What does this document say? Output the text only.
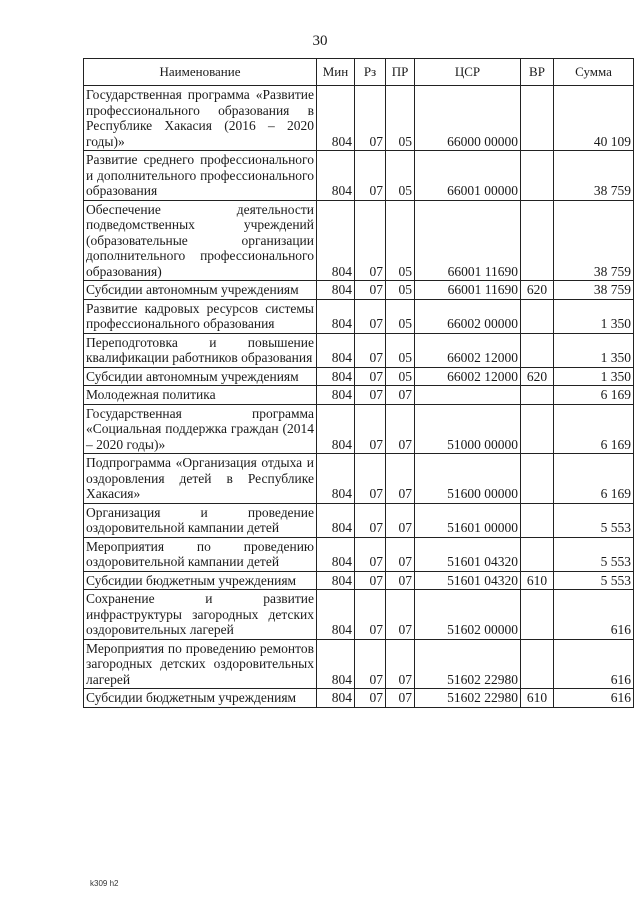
30
Наименование	Мин	Рз	ПР	ЦСР	ВР	Сумма
Государственная программа «Развитие профессионального образования в Республике Хакасия (2016 – 2020 годы)»	804	07	05	66000 00000		40 109
Развитие среднего профессионального и дополнительного профессионального образования	804	07	05	66001 00000		38 759
Обеспечение деятельности подведомственных учреждений (образовательные организации дополнительного профессионального образования)	804	07	05	66001 11690		38 759
Субсидии автономным учреждениям	804	07	05	66001 11690	620	38 759
Развитие кадровых ресурсов системы профессионального образования	804	07	05	66002 00000		1 350
Переподготовка и повышение квалификации работников образования	804	07	05	66002 12000		1 350
Субсидии автономным учреждениям	804	07	05	66002 12000	620	1 350
Молодежная политика	804	07	07			6 169
Государственная программа «Социальная поддержка граждан (2014 – 2020 годы)»	804	07	07	51000 00000		6 169
Подпрограмма «Организация отдыха и оздоровления детей в Республике Хакасия»	804	07	07	51600 00000		6 169
Организация и проведение оздоровительной кампании детей	804	07	07	51601 00000		5 553
Мероприятия по проведению оздоровительной кампании детей	804	07	07	51601 04320		5 553
Субсидии бюджетным учреждениям	804	07	07	51601 04320	610	5 553
Сохранение и развитие инфраструктуры загородных детских оздоровительных лагерей	804	07	07	51602 00000		616
Мероприятия по проведению ремонтов загородных детских оздоровительных лагерей	804	07	07	51602 22980		616
Субсидии бюджетным учреждениям	804	07	07	51602 22980	610	616
k309 h2
